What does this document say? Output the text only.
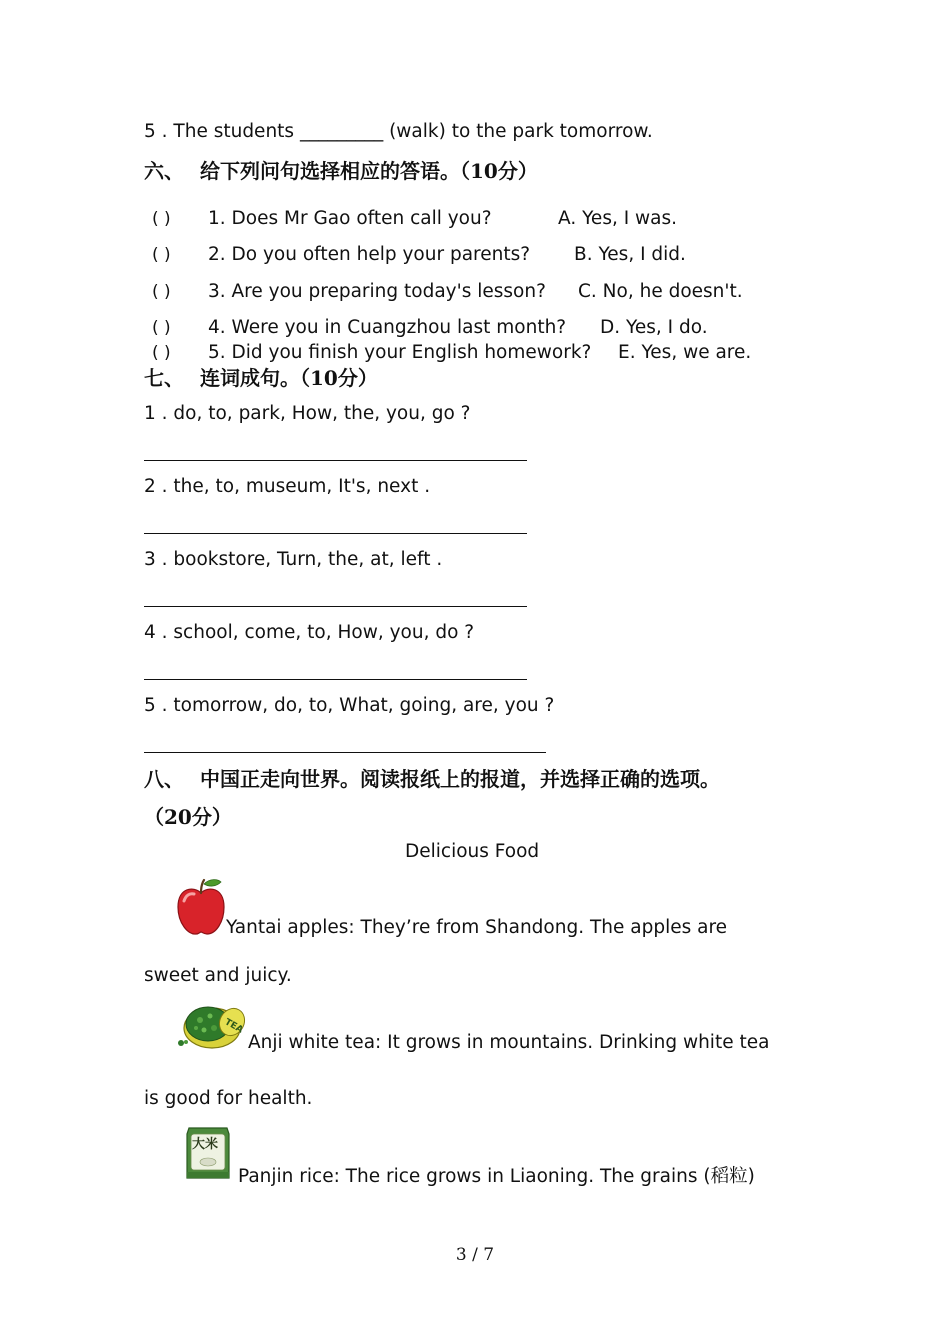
5 . The students _________ (walk) to the park tomorrow.
六、 给下列问句选择相应的答语。（10分）
( ) 1. Does Mr Gao often call you?	A. Yes, I was.
( ) 2. Do you often help your parents? B. Yes, I did.
( ) 3. Are you preparing today's lesson? C. No, he doesn't.
( ) 4. Were you in Cuangzhou last month? D. Yes, I do.
( ) 5. Did you finish your English homework? E. Yes, we are.
七、 连词成句。（10分）
1 . do, to, park, How, the, you, go ?
2 . the, to, museum, It's, next .
3 . bookstore, Turn, the, at, left .
4 . school, come, to, How, you, do ?
5 . tomorrow, do, to, What, going, are, you ?
八、 中国正走向世界。阅读报纸上的报道，并选择正确的选项。
（20分）
Delicious Food
Yantai apples: They’re from Shandong. The apples are
sweet and juicy.
TEA
Anji white tea: It grows in mountains. Drinking white tea
is good for health.
大米
Panjin rice: The rice grows in Liaoning. The grains (稻粒)
3 / 7
